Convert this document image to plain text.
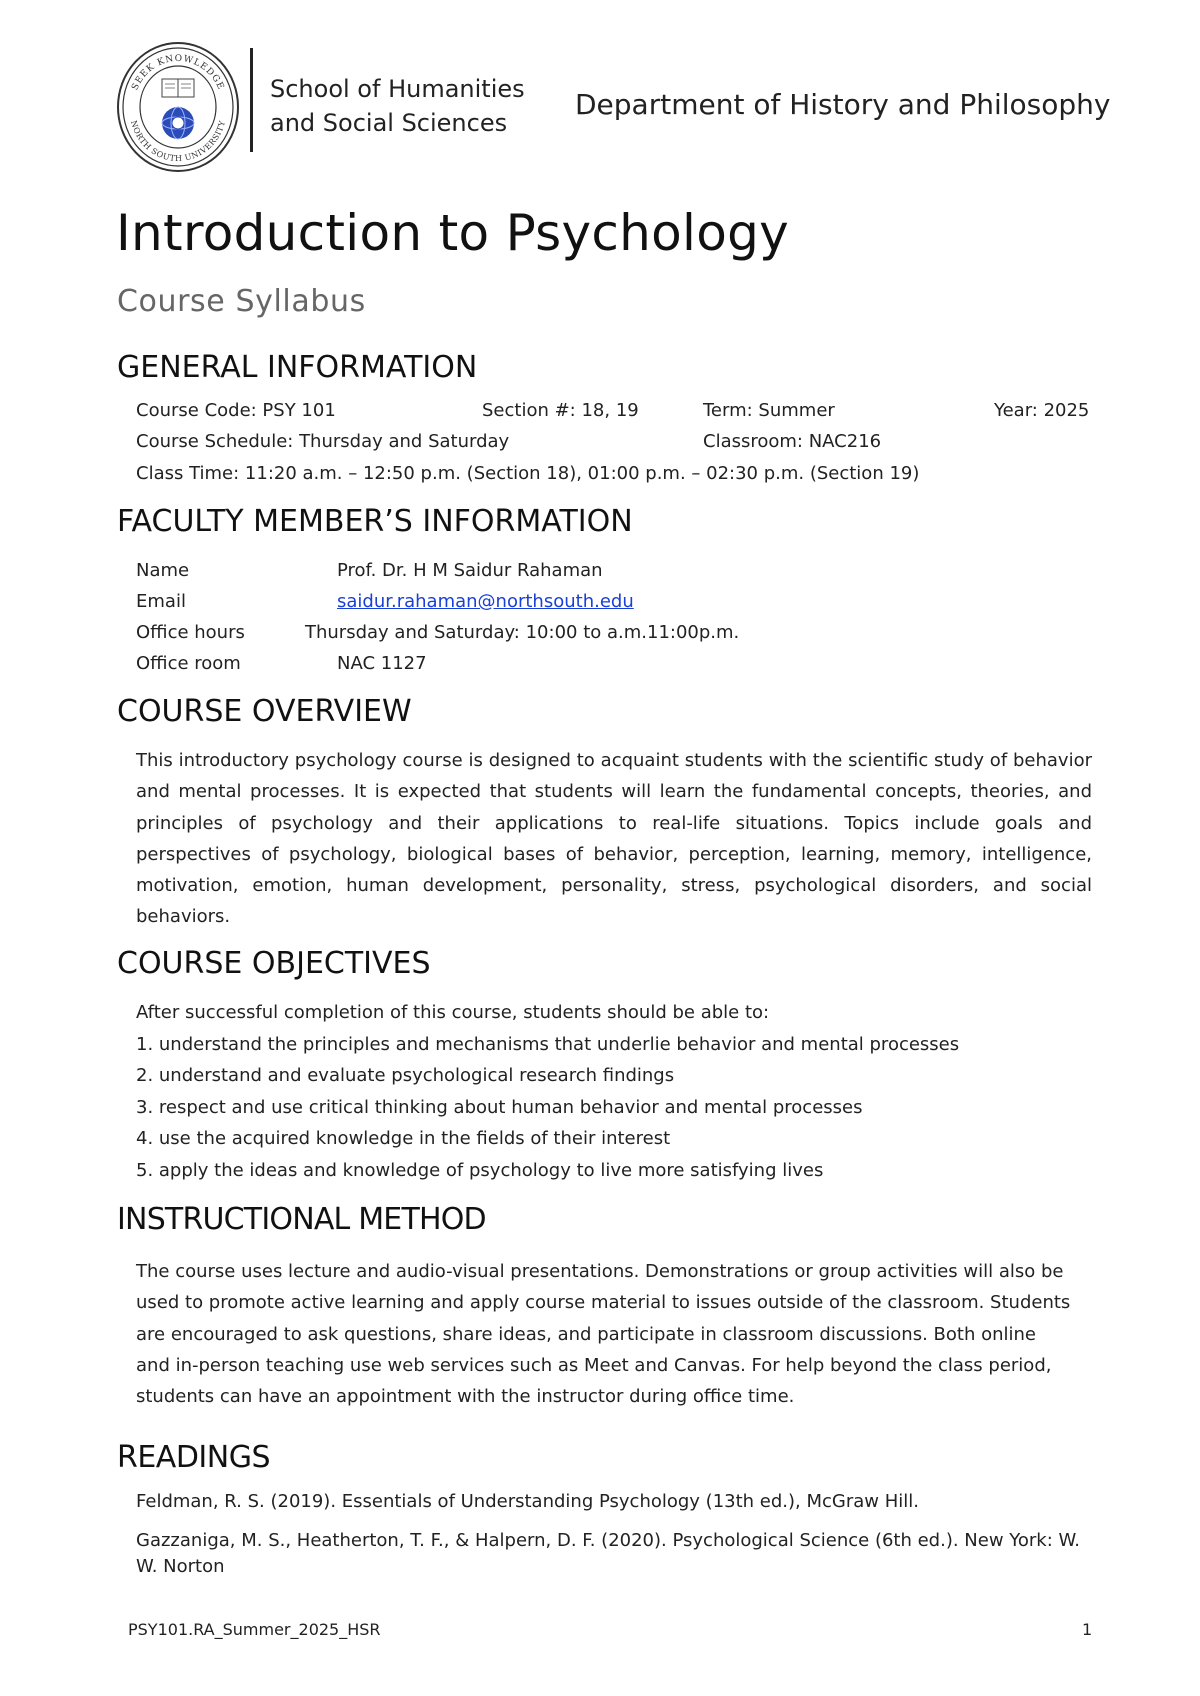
SEEK KNOWLEDGE
NORTH SOUTH UNIVERSITY
School of Humanities
and Social Sciences
Department of History and Philosophy
Introduction to Psychology
Course Syllabus
GENERAL INFORMATION
Course Code: PSY 101	Section #: 18, 19	Term: Summer	Year: 2025
Course Schedule: Thursday and Saturday	Classroom: NAC216
Class Time: 11:20 a.m. – 12:50 p.m. (Section 18), 01:00 p.m. – 02:30 p.m. (Section 19)
FACULTY MEMBER’S INFORMATION
Name	Prof. Dr. H M Saidur Rahaman
Email	saidur.rahaman@northsouth.edu
Office hours	Thursday and Saturday: 10:00 to a.m.11:00p.m.
Office room	NAC 1127
COURSE OVERVIEW
This introductory psychology course is designed to acquaint students with the scientific study of behavior and mental processes. It is expected that students will learn the fundamental concepts, theories, and principles of psychology and their applications to real-life situations. Topics include goals and perspectives of psychology, biological bases of behavior, perception, learning, memory, intelligence, motivation, emotion, human development, personality, stress, psychological disorders, and social behaviors.
COURSE OBJECTIVES
After successful completion of this course, students should be able to:
1. understand the principles and mechanisms that underlie behavior and mental processes
2. understand and evaluate psychological research findings
3. respect and use critical thinking about human behavior and mental processes
4. use the acquired knowledge in the fields of their interest
5. apply the ideas and knowledge of psychology to live more satisfying lives
INSTRUCTIONAL METHOD
The course uses lecture and audio-visual presentations. Demonstrations or group activities will also be
used to promote active learning and apply course material to issues outside of the classroom. Students
are encouraged to ask questions, share ideas, and participate in classroom discussions. Both online
and in-person teaching use web services such as Meet and Canvas. For help beyond the class period,
students can have an appointment with the instructor during office time.
READINGS
Feldman, R. S. (2019). Essentials of Understanding Psychology (13th ed.), McGraw Hill.
Gazzaniga, M. S., Heatherton, T. F., & Halpern, D. F. (2020). Psychological Science (6th ed.). New York: W. W. Norton
PSY101.RA_Summer_2025_HSR	1
